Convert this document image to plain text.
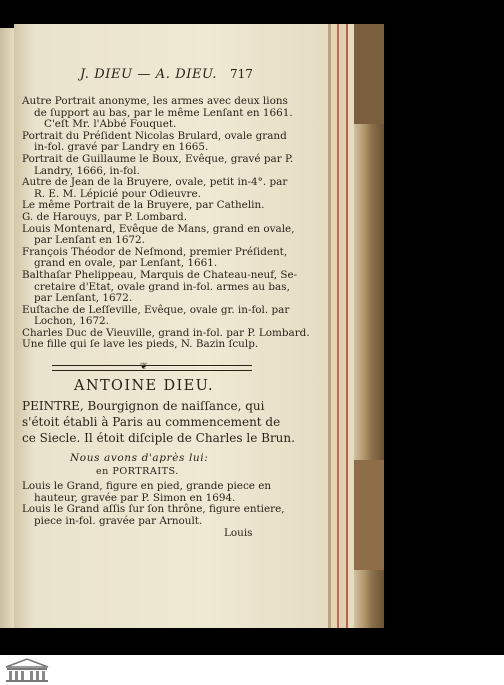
J. DIEU — A. DIEU. 717
Autre Portrait anonyme, les armes avec deux lions
de ſupport au bas, par le même Lenſant en 1661.
C'eſt Mr. l'Abbé Fouquet.
Portrait du Préſident Nicolas Brulard, ovale grand
in-fol. gravé par Landry en 1665.
Portrait de Guillaume le Boux, Evêque, gravé par P.
Landry, 1666, in-fol.
Autre de Jean de la Bruyere, ovale, petit in-4°. par
R. E. M. Lépicié pour Odieuvre.
Le même Portrait de la Bruyere, par Cathelin.
G. de Harouys, par P. Lombard.
Louis Montenard, Evêque de Mans, grand en ovale,
par Lenſant en 1672.
François Théodor de Neſmond, premier Préſident,
grand en ovale, par Lenſant, 1661.
Balthaſar Phelippeau, Marquis de Chateau-neuf, Se-
cretaire d'Etat, ovale grand in-fol. armes au bas,
par Lenſant, 1672.
Euſtache de Leſſeville, Evêque, ovale gr. in-fol. par
Lochon, 1672.
Charles Duc de Vieuville, grand in-fol. par P. Lombard.
Une fille qui ſe lave les pieds, N. Bazin ſculp.
❦
ANTOINE DIEU.
PEINTRE, Bourgignon de naiſſance, qui
s'étoit établi à Paris au commencement de
ce Siecle. Il étoit diſciple de Charles le Brun.
Nous avons d'après lui:
en PORTRAITS.
Louis le Grand, figure en pied, grande piece en
hauteur, gravée par P. Simon en 1694.
Louis le Grand aſſis ſur ſon thrône, figure entiere,
piece in-fol. gravée par Arnoult.
Louis
